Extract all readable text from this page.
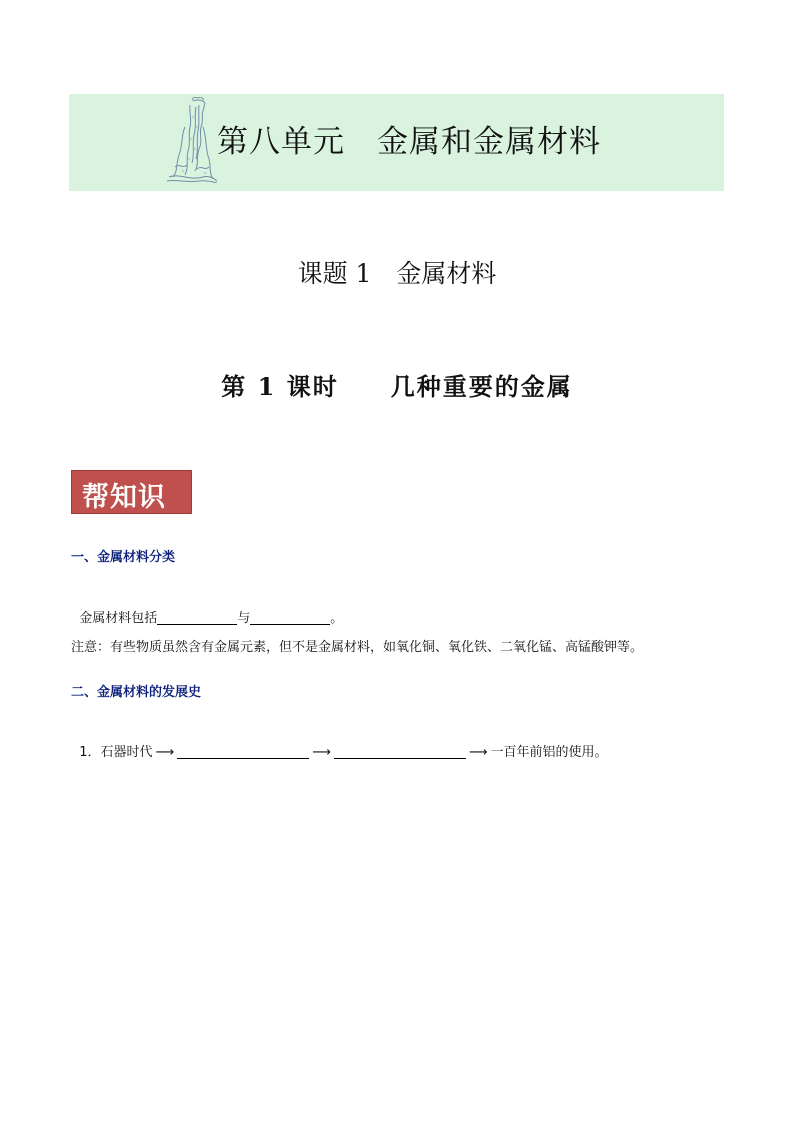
第八单元　金属和金属材料
课题 1　金属材料
第 1 课时　　几种重要的金属
帮知识
一、金属材料分类

金属材料包括	与	。

注意：有些物质虽然含有金属元素，但不是金属材料，如氧化铜、氧化铁、二氧化锰、高锰酸钾等。
二、金属材料的发展史

1．石器时代 ⟶	⟶	⟶ 一百年前铝的使用。
